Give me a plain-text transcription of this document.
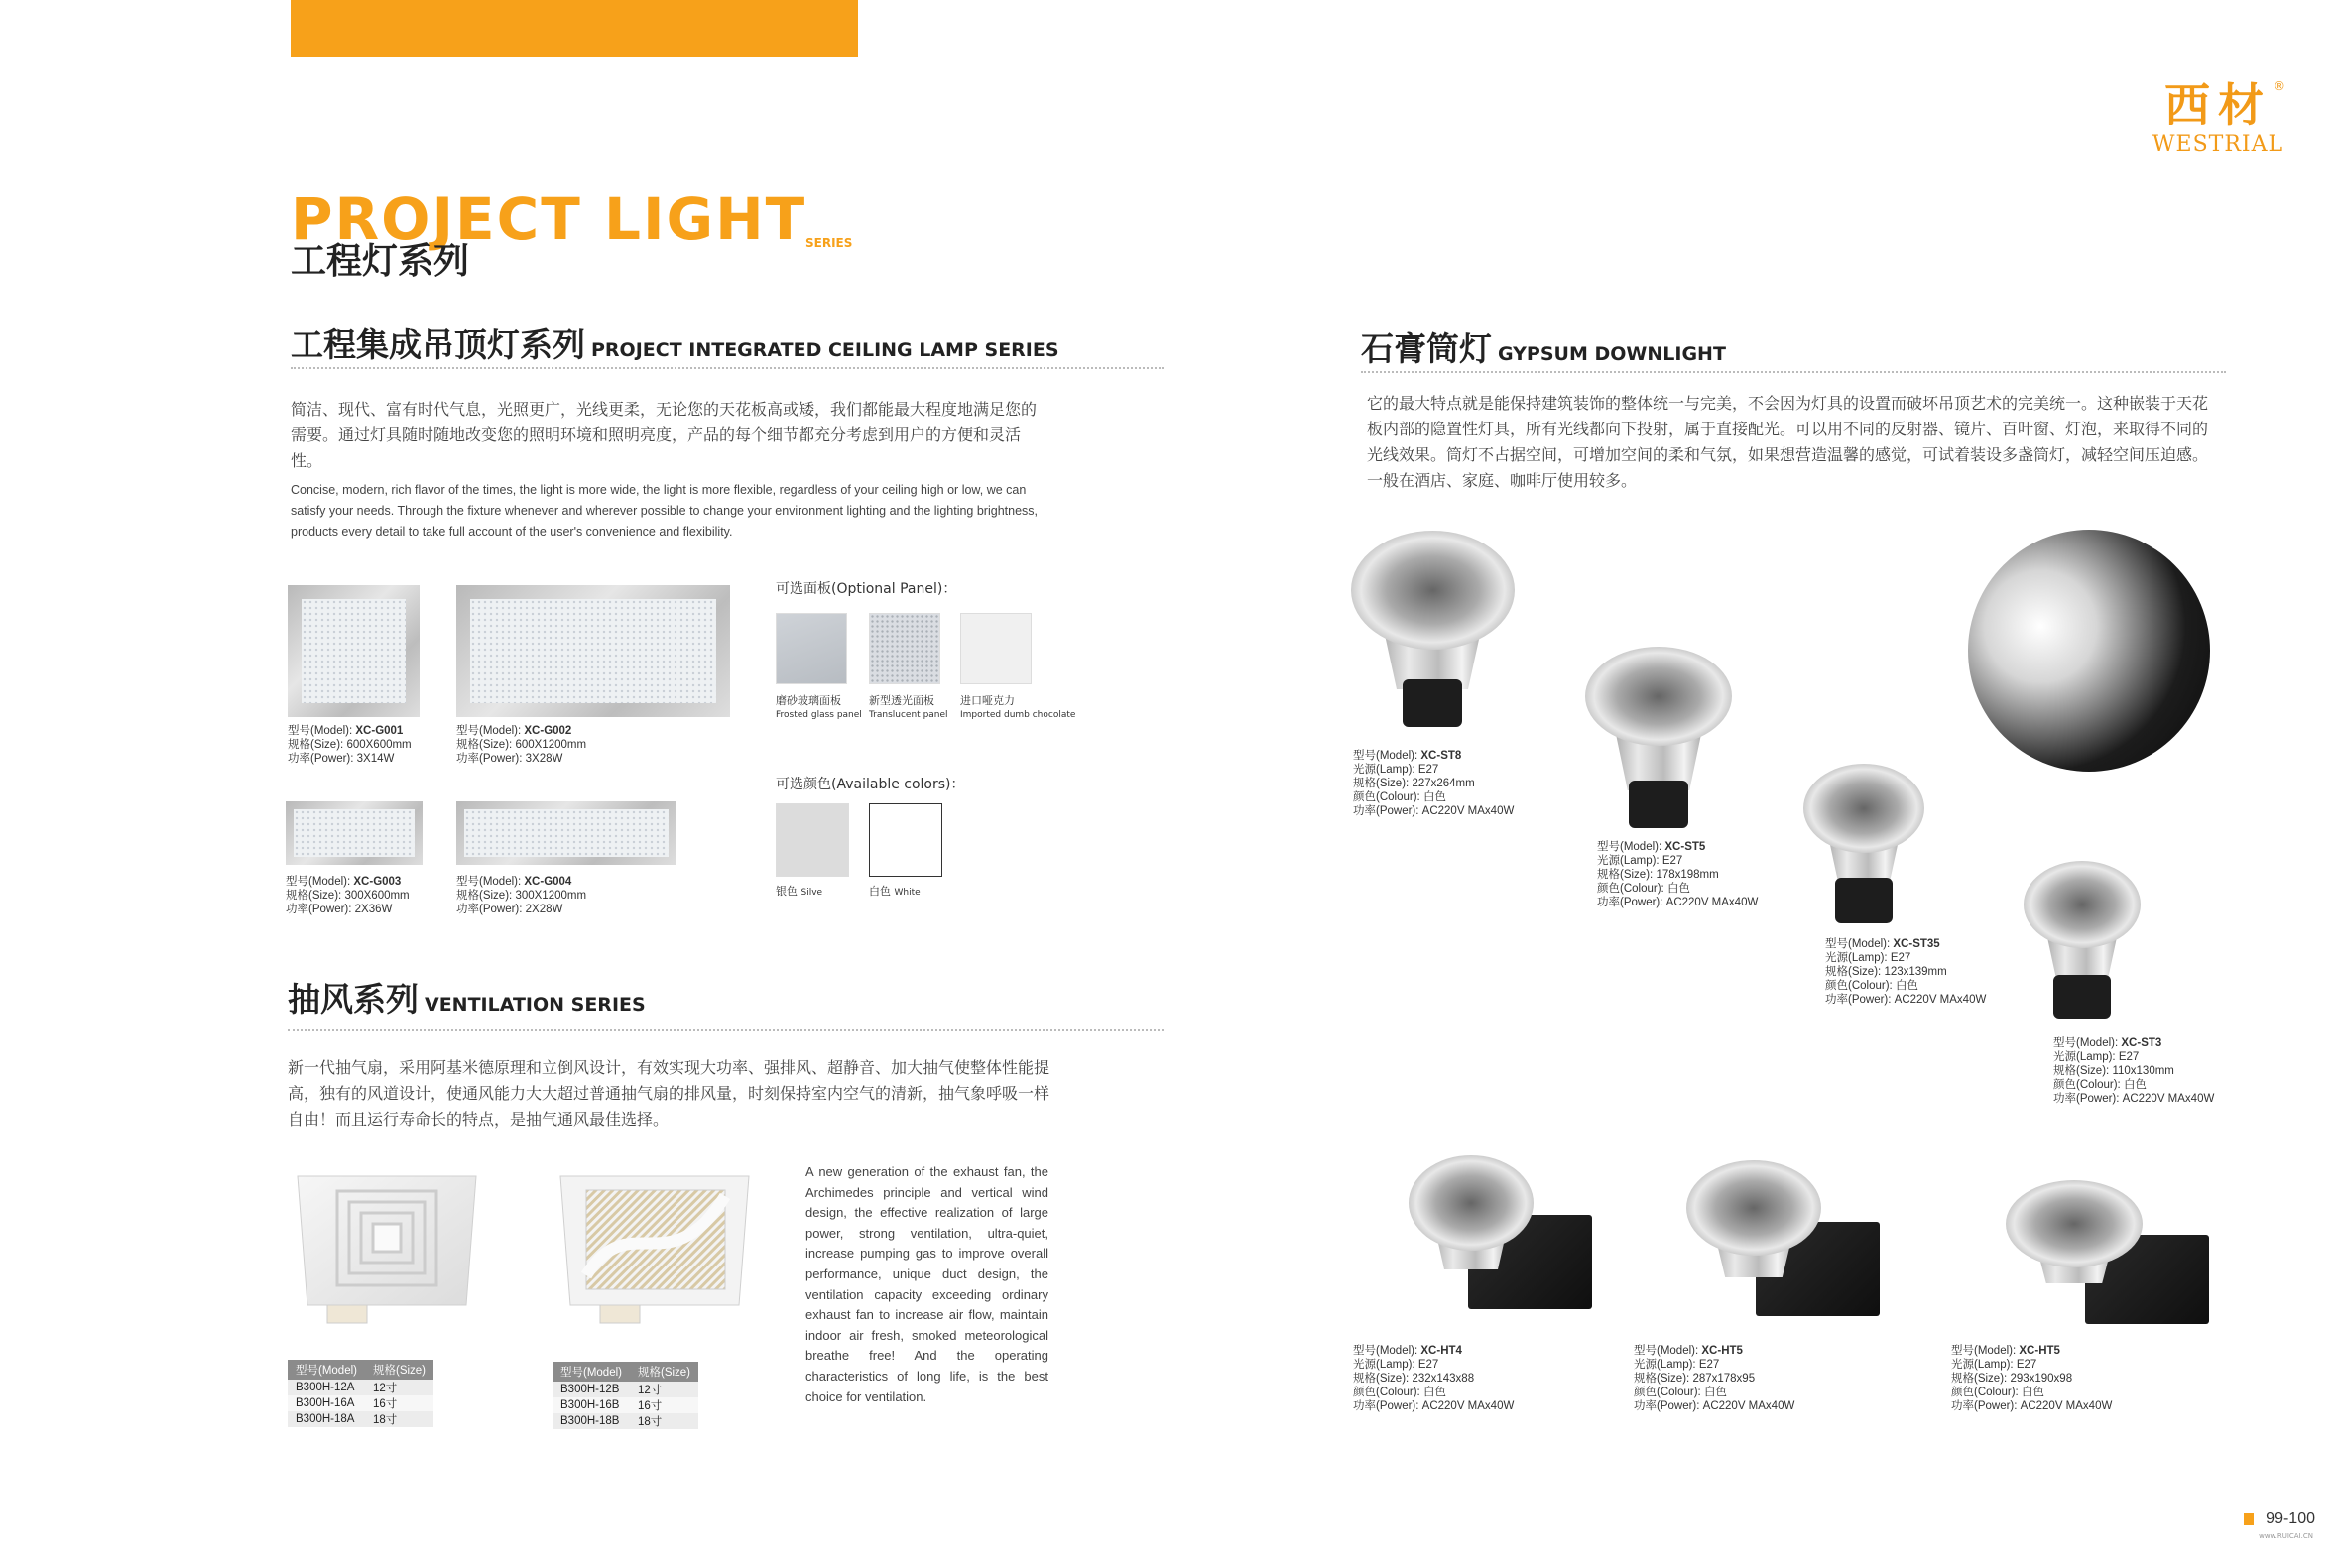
PROJECT LIGHT
SERIES
工程灯系列
西材
WESTRIAL
®
工程集成吊顶灯系列 PROJECT INTEGRATED CEILING LAMP SERIES
简洁、现代、富有时代气息，光照更广，光线更柔，无论您的天花板高或矮，我们都能最大程度地满足您的需要。通过灯具随时随地改变您的照明环境和照明亮度，产品的每个细节都充分考虑到用户的方便和灵活性。
Concise, modern, rich flavor of the times, the light is more wide, the light is more flexible, regardless of your ceiling high or low, we can satisfy your needs. Through the fixture whenever and wherever possible to change your environment lighting and the lighting brightness, products every detail to take full account of the user's convenience and flexibility.
型号(Model): XC-G001
规格(Size): 600X600mm
功率(Power): 3X14W
型号(Model): XC-G002
规格(Size): 600X1200mm
功率(Power): 3X28W
型号(Model): XC-G003
规格(Size): 300X600mm
功率(Power): 2X36W
型号(Model): XC-G004
规格(Size): 300X1200mm
功率(Power): 2X28W
可选面板(Optional Panel)：
磨砂玻璃面板
Frosted glass panel
新型透光面板
Translucent panel
进口哑克力
Imported dumb chocolate
可选颜色(Available colors)：
银色 Silve	白色 White
抽风系列 VENTILATION SERIES
新一代抽气扇，采用阿基米德原理和立倒风设计，有效实现大功率、强排风、超静音、加大抽气使整体性能提高，独有的风道设计，使通风能力大大超过普通抽气扇的排风量，时刻保持室内空气的清新，抽气象呼吸一样自由！而且运行寿命长的特点，是抽气通风最佳选择。
型号(Model)	规格(Size)
B300H-12A	12寸
B300H-16A	16寸
B300H-18A	18寸
型号(Model)	规格(Size)
B300H-12B	12寸
B300H-16B	16寸
B300H-18B	18寸
A new generation of the exhaust fan, the Archimedes principle and vertical wind design, the effective realization of large power, strong ventilation, ultra-quiet, increase pumping gas to improve overall performance, unique duct design, the ventilation capacity exceeding ordinary exhaust fan to increase air flow, maintain indoor air fresh, smoked meteorological breathe free! And the operating characteristics of long life, is the best choice for ventilation.
石膏筒灯 GYPSUM DOWNLIGHT
它的最大特点就是能保持建筑装饰的整体统一与完美，不会因为灯具的设置而破坏吊顶艺术的完美统一。这种嵌装于天花板内部的隐置性灯具，所有光线都向下投射，属于直接配光。可以用不同的反射器、镜片、百叶窗、灯泡，来取得不同的光线效果。筒灯不占据空间，可增加空间的柔和气氛，如果想营造温馨的感觉，可试着装设多盏筒灯，减轻空间压迫感。一般在酒店、家庭、咖啡厅使用较多。
型号(Model): XC-ST8
光源(Lamp): E27
规格(Size): 227x264mm
颜色(Colour): 白色
功率(Power): AC220V MAx40W
型号(Model): XC-ST5
光源(Lamp): E27
规格(Size): 178x198mm
颜色(Colour): 白色
功率(Power): AC220V MAx40W
型号(Model): XC-ST35
光源(Lamp): E27
规格(Size): 123x139mm
颜色(Colour): 白色
功率(Power): AC220V MAx40W
型号(Model): XC-ST3
光源(Lamp): E27
规格(Size): 110x130mm
颜色(Colour): 白色
功率(Power): AC220V MAx40W
型号(Model): XC-HT4
光源(Lamp): E27
规格(Size): 232x143x88
颜色(Colour): 白色
功率(Power): AC220V MAx40W
型号(Model): XC-HT5
光源(Lamp): E27
规格(Size): 287x178x95
颜色(Colour): 白色
功率(Power): AC220V MAx40W
型号(Model): XC-HT5
光源(Lamp): E27
规格(Size): 293x190x98
颜色(Colour): 白色
功率(Power): AC220V MAx40W
99-100
www.RUICAI.CN
